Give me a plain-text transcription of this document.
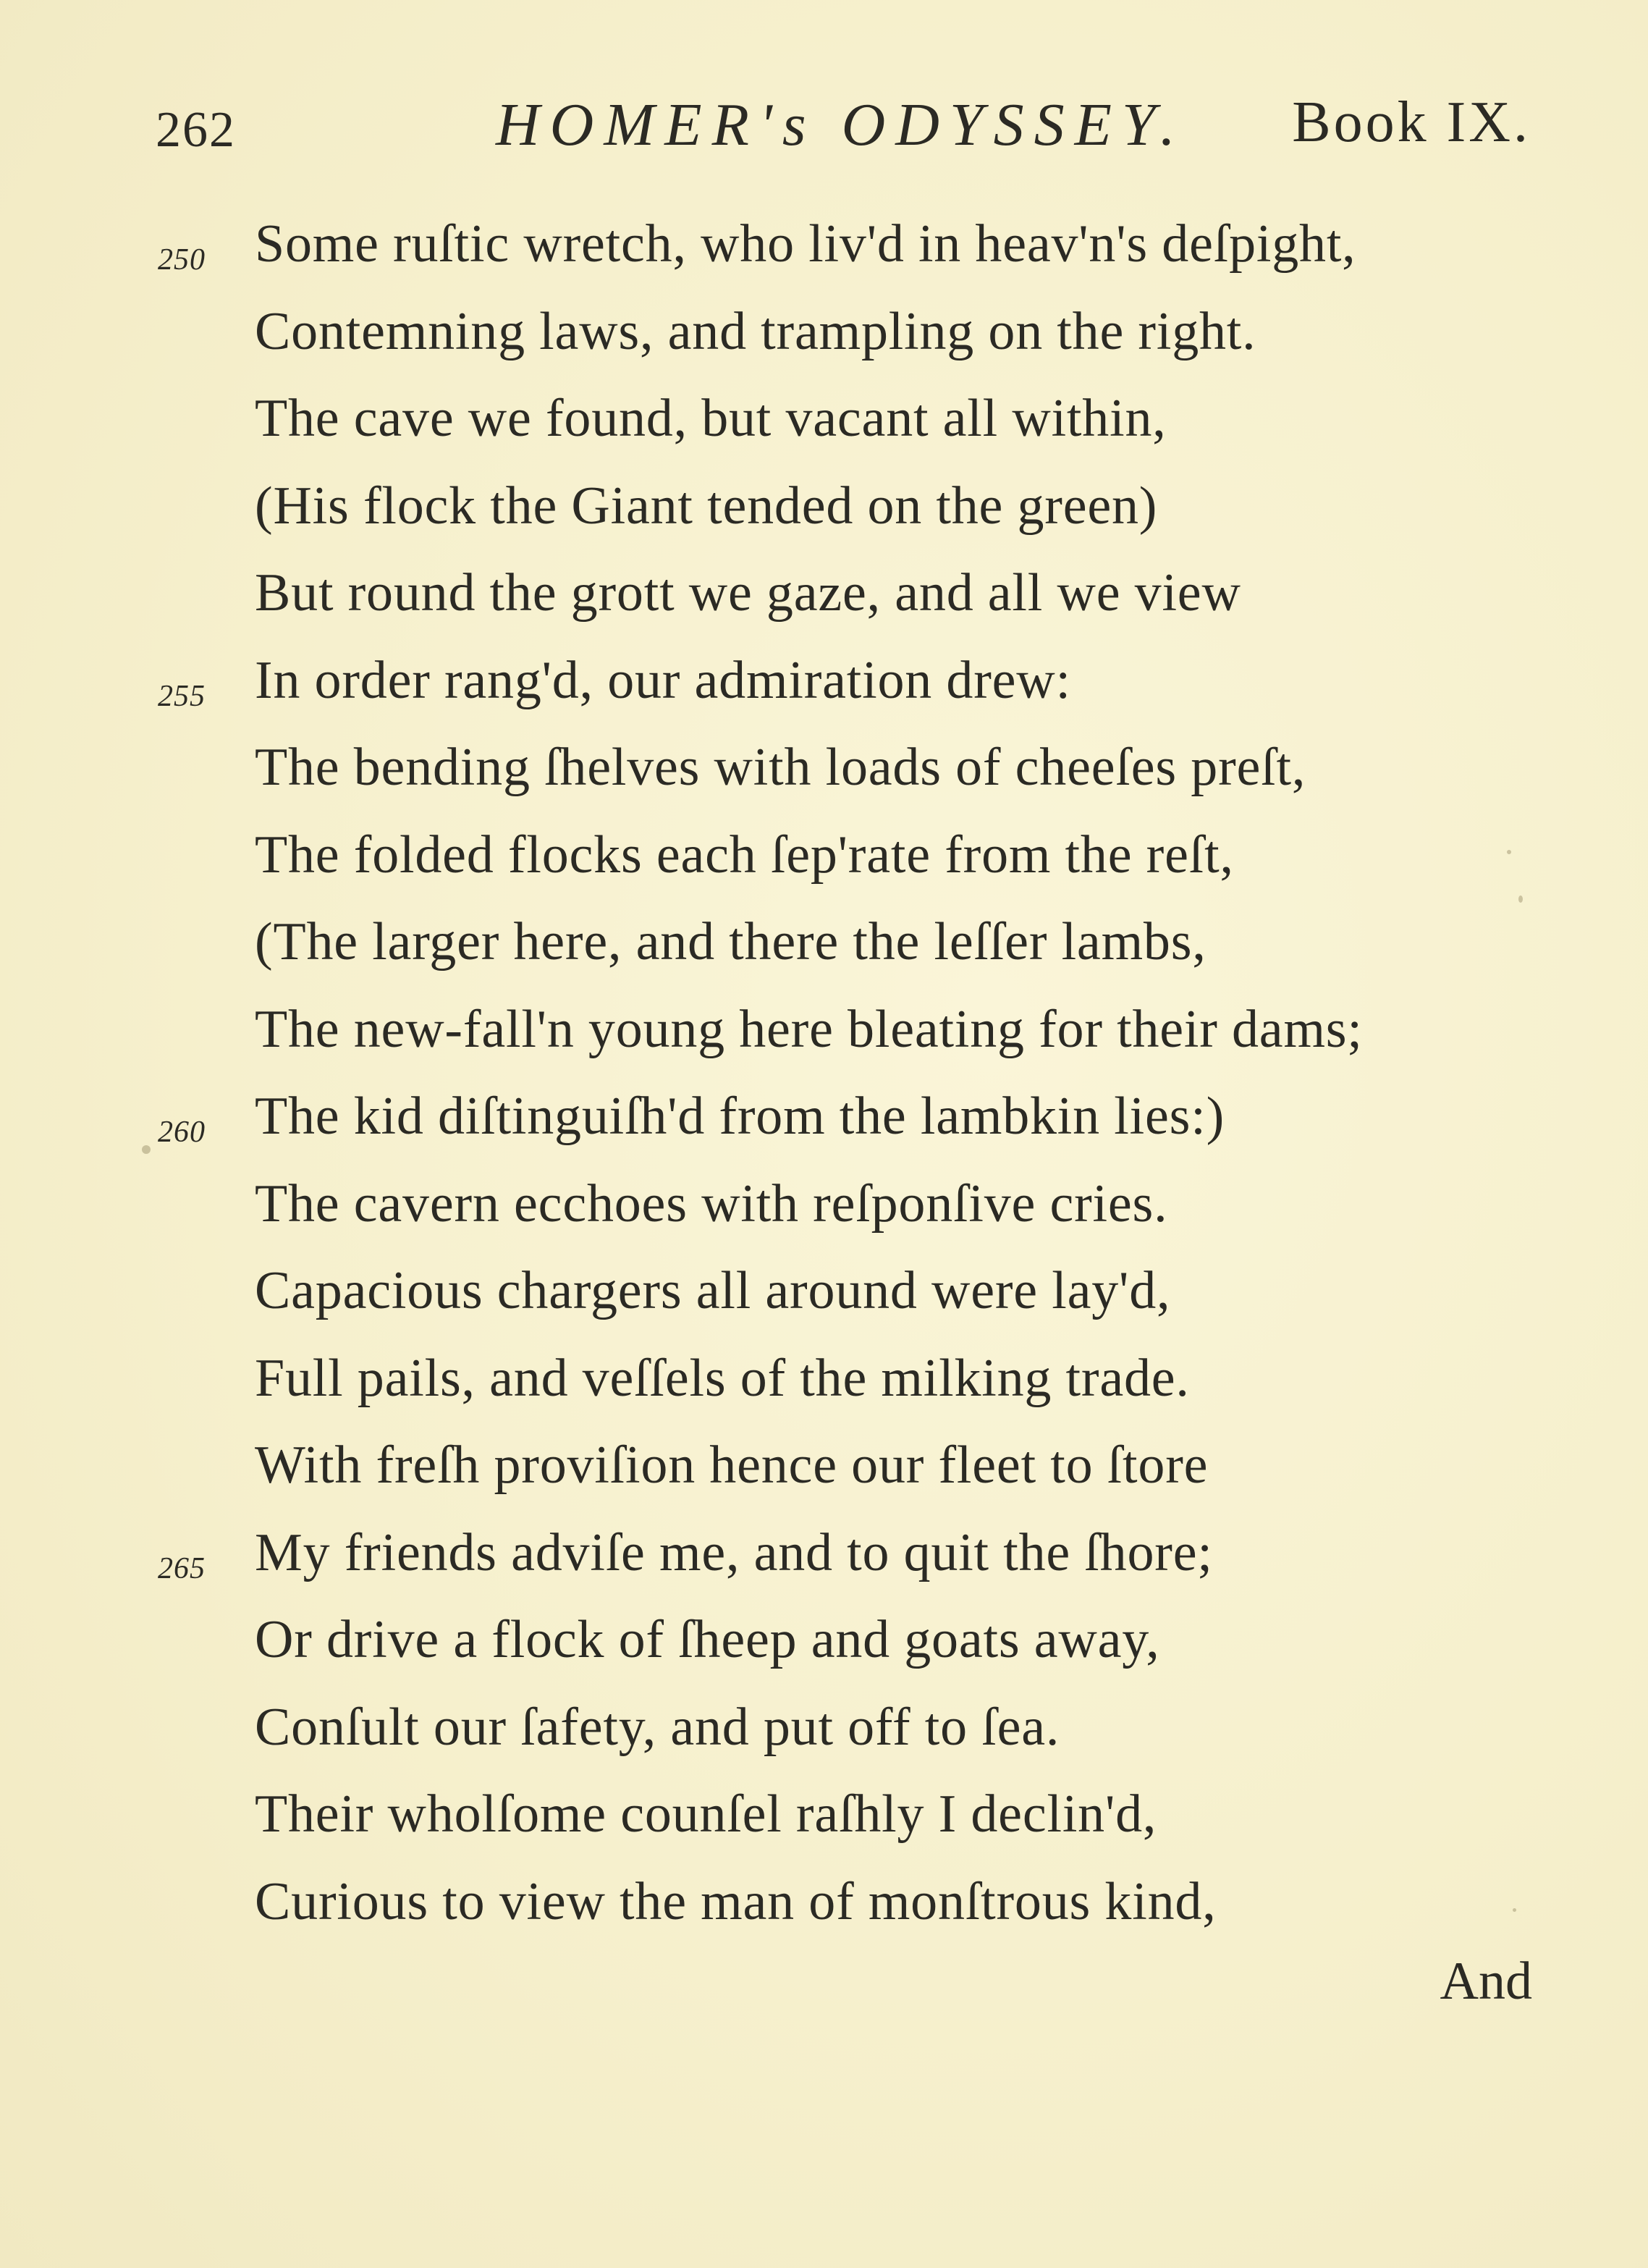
262	HOMER's ODYSSEY. Book IX.
250 Some ruſtic wretch, who liv'd in heav'n's deſpight,
Contemning laws, and trampling on the right.
The cave we found, but vacant all within,
(His flock the Giant tended on the green)
But round the grott we gaze, and all we view
255 In order rang'd, our admiration drew:
The bending ſhelves with loads of cheeſes preſt,
The folded flocks each ſep'rate from the reſt,
(The larger here, and there the leſſer lambs,
The new-fall'n young here bleating for their dams;
260 The kid diſtinguiſh'd from the lambkin lies:)
The cavern ecchoes with reſponſive cries.
Capacious chargers all around were lay'd,
Full pails, and veſſels of the milking trade.
With freſh proviſion hence our fleet to ſtore
265 My friends adviſe me, and to quit the ſhore;
Or drive a flock of ſheep and goats away,
Conſult our ſafety, and put off to ſea.
Their wholſome counſel raſhly I declin'd,
Curious to view the man of monſtrous kind,
And
